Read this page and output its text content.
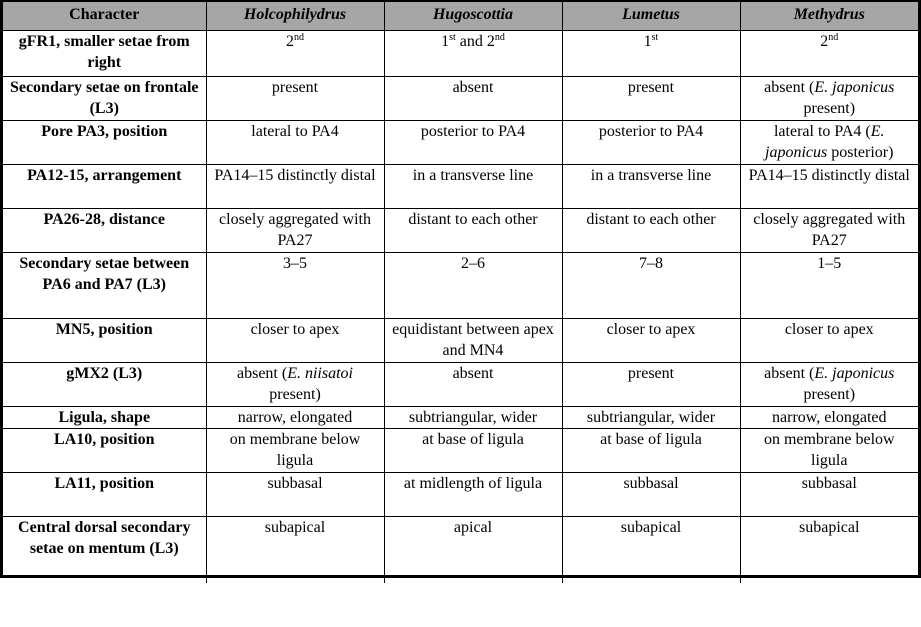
Character	Holcophilydrus	Hugoscottia	Lumetus	Methydrus
gFR1, smaller setae from right	2nd	1st and 2nd	1st	2nd
Secondary setae on frontale (L3)	present	absent	present	absent (E. japonicus present)
Pore PA3, position	lateral to PA4	posterior to PA4	posterior to PA4	lateral to PA4 (E. japonicus posterior)
PA12-15, arrangement	PA14–15 distinctly distal	in a transverse line	in a transverse line	PA14–15 distinctly distal
PA26-28, distance	closely aggregated with PA27	distant to each other	distant to each other	closely aggregated with PA27
Secondary setae between PA6 and PA7 (L3)	3–5	2–6	7–8	1–5
MN5, position	closer to apex	equidistant between apex and MN4	closer to apex	closer to apex
gMX2 (L3)	absent (E. niisatoi present)	absent	present	absent (E. japonicus present)
Ligula, shape	narrow, elongated	subtriangular, wider	subtriangular, wider	narrow, elongated
LA10, position	on membrane below ligula	at base of ligula	at base of ligula	on membrane below ligula
LA11, position	subbasal	at midlength of ligula	subbasal	subbasal
Central dorsal secondary setae on mentum (L3)	subapical	apical	subapical	subapical
